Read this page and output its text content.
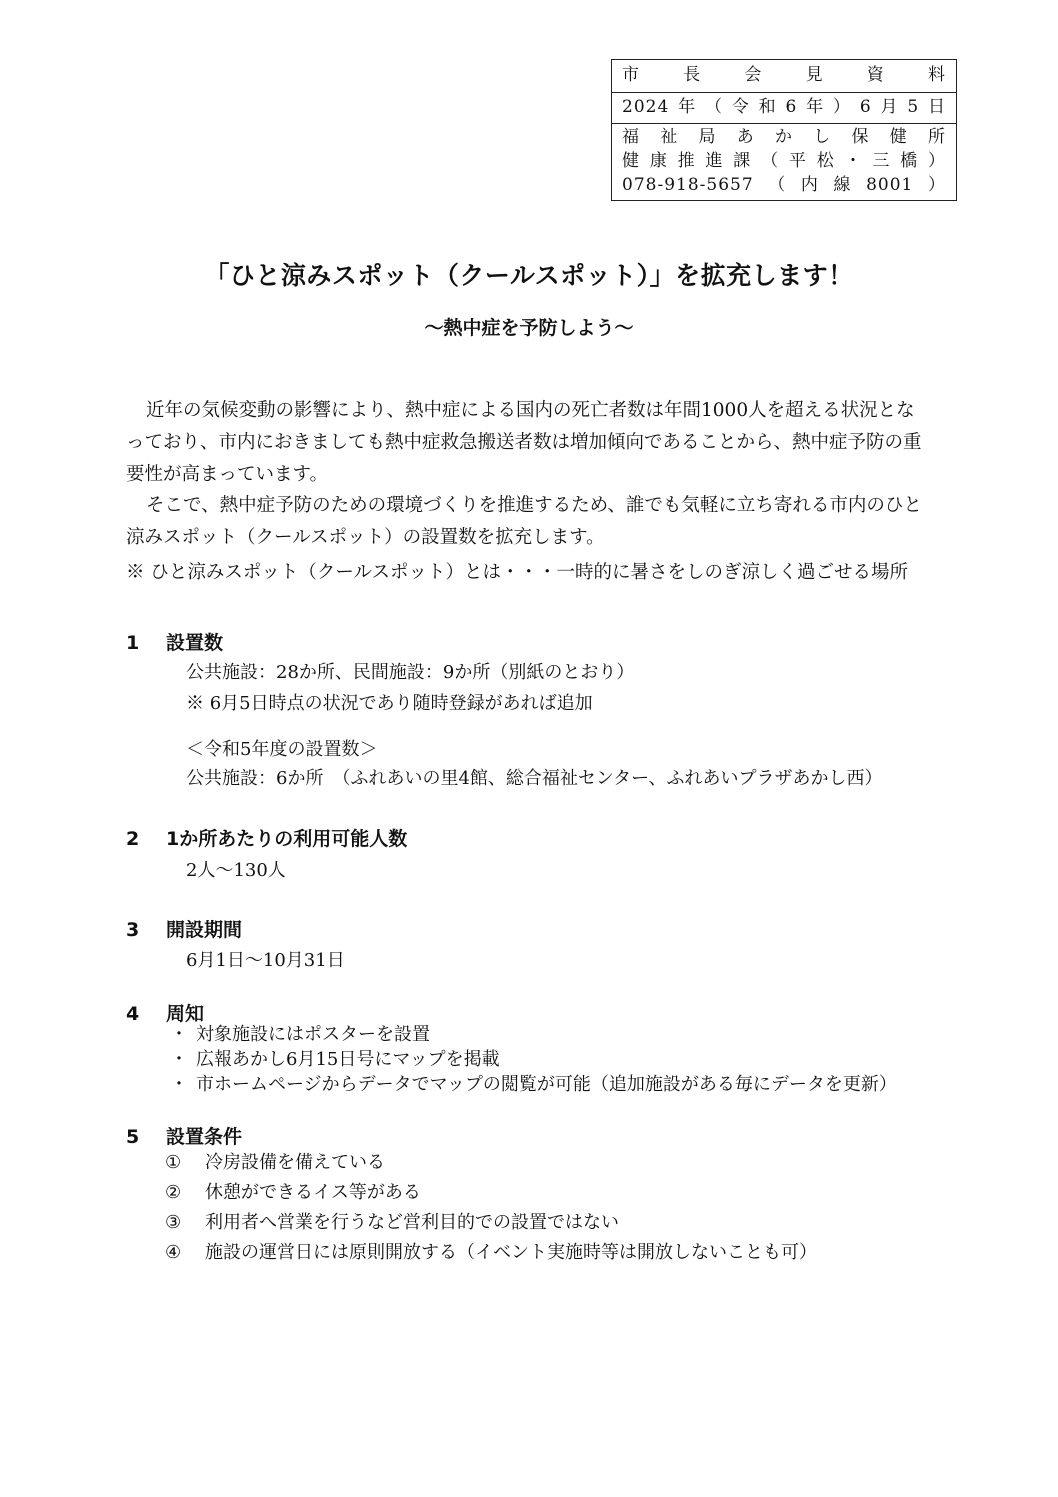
市長会見資料
2024年（令和6年）6月5日
福祉局あかし保健所
健康推進課（平松・三橋）
078-918-5657（内線8001）
「ひと涼みスポット（クールスポット）」を拡充します！
～熱中症を予防しよう～
近年の気候変動の影響により、熱中症による国内の死亡者数は年間1000人を超える状況とな
っており、市内におきましても熱中症救急搬送者数は増加傾向であることから、熱中症予防の重
要性が高まっています。
そこで、熱中症予防のための環境づくりを推進するため、誰でも気軽に立ち寄れる市内のひと
涼みスポット（クールスポット）の設置数を拡充します。
※ ひと涼みスポット（クールスポット）とは・・・一時的に暑さをしのぎ涼しく過ごせる場所
1 設置数
公共施設：28か所、民間施設：9か所（別紙のとおり）
※ 6月5日時点の状況であり随時登録があれば追加
＜令和5年度の設置数＞
公共施設：6か所　（ふれあいの里4館、総合福祉センター、ふれあいプラザあかし西）
2 1か所あたりの利用可能人数
2人～130人
3 開設期間
6月1日～10月31日
4 周知
・ 対象施設にはポスターを設置
・ 広報あかし6月15日号にマップを掲載
・ 市ホームページからデータでマップの閲覧が可能（追加施設がある毎にデータを更新）
5 設置条件
① 冷房設備を備えている
② 休憩ができるイス等がある
③ 利用者へ営業を行うなど営利目的での設置ではない
④ 施設の運営日には原則開放する（イベント実施時等は開放しないことも可）
